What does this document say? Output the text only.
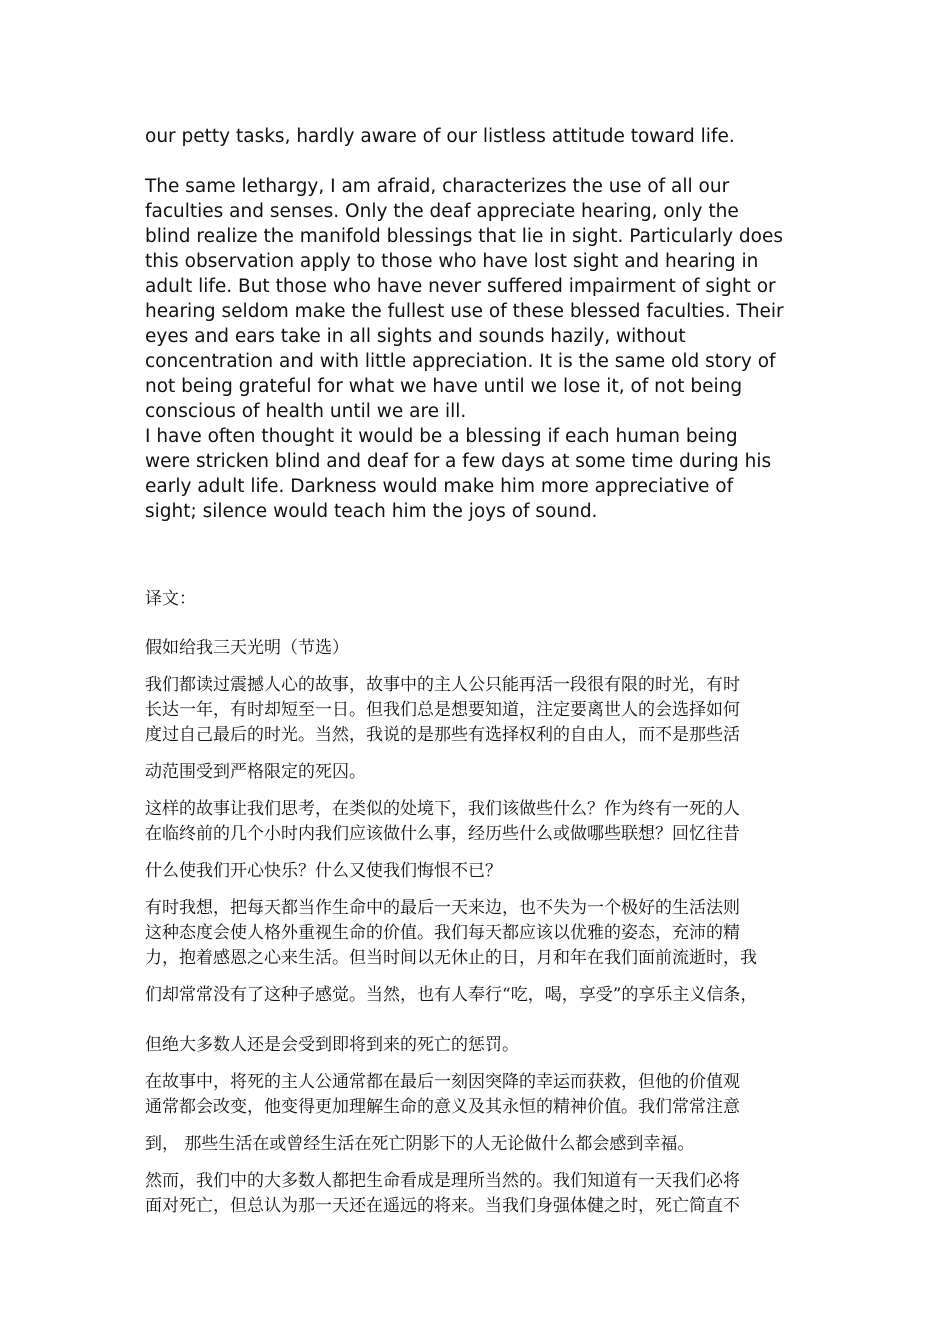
our petty tasks, hardly aware of our listless attitude toward life.
The same lethargy, I am afraid, characterizes the use of all our
faculties and senses. Only the deaf appreciate hearing, only the
blind realize the manifold blessings that lie in sight. Particularly does
this observation apply to those who have lost sight and hearing in
adult life. But those who have never suffered impairment of sight or
hearing seldom make the fullest use of these blessed faculties. Their
eyes and ears take in all sights and sounds hazily, without
concentration and with little appreciation. It is the same old story of
not being grateful for what we have until we lose it, of not being
conscious of health until we are ill.
I have often thought it would be a blessing if each human being
were stricken blind and deaf for a few days at some time during his
early adult life. Darkness would make him more appreciative of
sight; silence would teach him the joys of sound.
译文：
假如给我三天光明（节选）
我们都读过震撼人心的故事，故事中的主人公只能再活一段很有限的时光，有时
长达一年，有时却短至一日。但我们总是想要知道，注定要离世人的会选择如何
度过自己最后的时光。当然，我说的是那些有选择权利的自由人，而不是那些活
动范围受到严格限定的死囚。
这样的故事让我们思考，在类似的处境下，我们该做些什么？作为终有一死的人
在临终前的几个小时内我们应该做什么事，经历些什么或做哪些联想？回忆往昔
什么使我们开心快乐？什么又使我们悔恨不已？
有时我想，把每天都当作生命中的最后一天来边，也不失为一个极好的生活法则
这种态度会使人格外重视生命的价值。我们每天都应该以优雅的姿态，充沛的精
力，抱着感恩之心来生活。但当时间以无休止的日，月和年在我们面前流逝时，我
们却常常没有了这种子感觉。当然，也有人奉行“吃，喝，享受”的享乐主义信条，
但绝大多数人还是会受到即将到来的死亡的惩罚。
在故事中，将死的主人公通常都在最后一刻因突降的幸运而获救，但他的价值观
通常都会改变，他变得更加理解生命的意义及其永恒的精神价值。我们常常注意
到， 那些生活在或曾经生活在死亡阴影下的人无论做什么都会感到幸福。
然而，我们中的大多数人都把生命看成是理所当然的。我们知道有一天我们必将
面对死亡，但总认为那一天还在遥远的将来。当我们身强体健之时，死亡简直不
